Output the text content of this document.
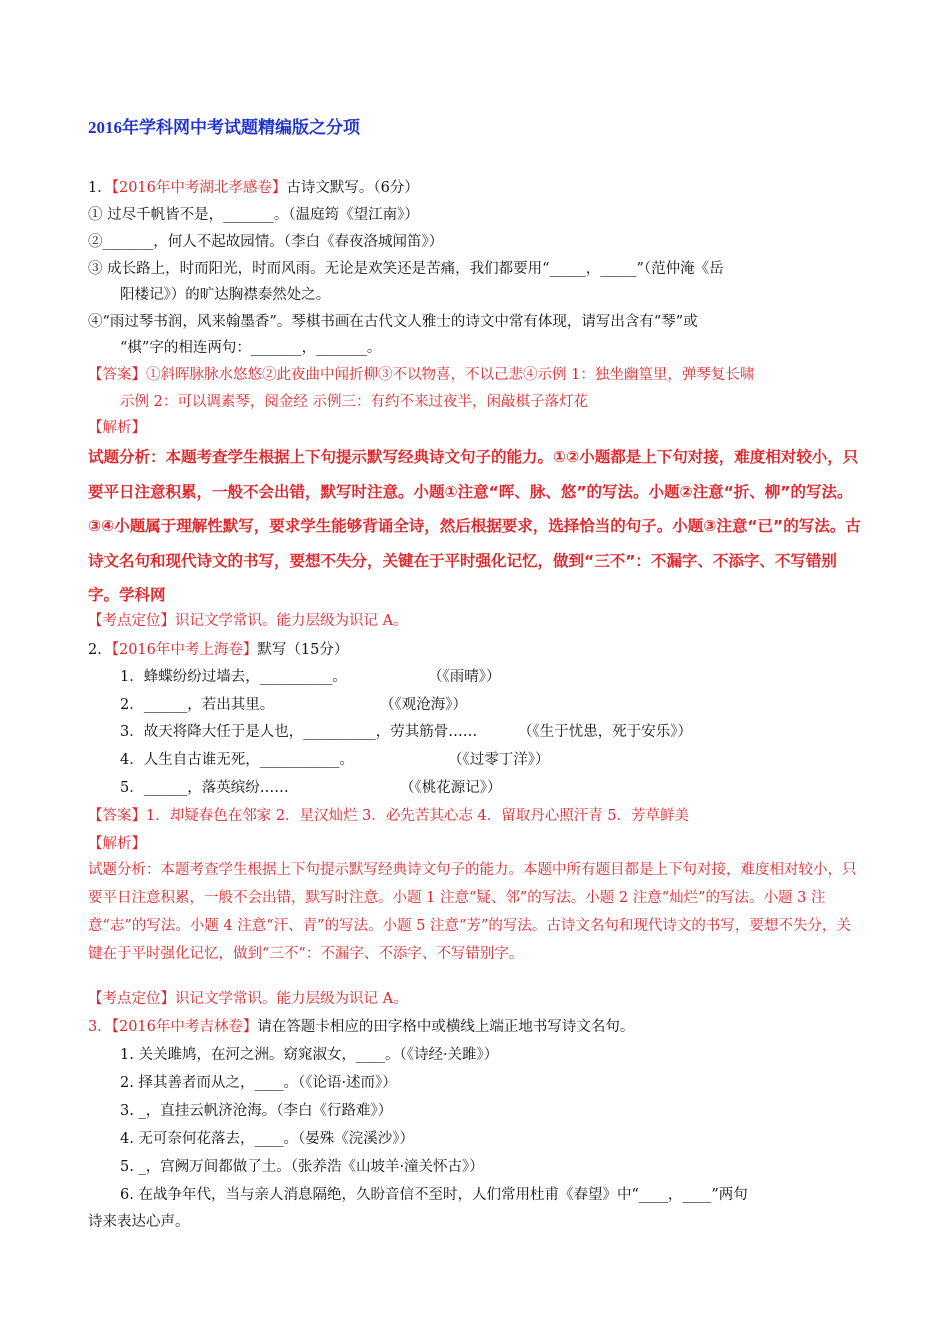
2016年学科网中考试题精编版之分项
1．【2016年中考湖北孝感卷】古诗文默写。（6分）
① 过尽千帆皆不是，_______。（温庭筠《望江南》）
②_______，何人不起故园情。（李白《春夜洛城闻笛》）
③ 成长路上，时而阳光，时而风雨。无论是欢笑还是苦痛，我们都要用“_____，_____”（范仲淹《岳
阳楼记》）的旷达胸襟泰然处之。
④“雨过琴书润，风来翰墨香”。琴棋书画在古代文人雅士的诗文中常有体现，请写出含有“琴”或
“棋”字的相连两句：_______，_______。
【答案】①斜晖脉脉水悠悠②此夜曲中闻折柳③不以物喜，不以己悲④示例 1：独坐幽篁里，弹琴复长啸
示例 2：可以调素琴，阅金经 示例三：有约不来过夜半，闲敲棋子落灯花
【解析】
试题分析：本题考查学生根据上下句提示默写经典诗文句子的能力。①②小题都是上下句对接，难度相对较小，只要平日注意积累，一般不会出错，默写时注意。小题①注意“晖、脉、悠”的写法。小题②注意“折、柳”的写法。③④小题属于理解性默写，要求学生能够背诵全诗，然后根据要求，选择恰当的句子。小题③注意“已”的写法。古诗文名句和现代诗文的书写，要想不失分，关键在于平时强化记忆，做到“三不”：不漏字、不添字、不写错别字。学科网
【考点定位】识记文学常识。能力层级为识记 A。
2．【2016年中考上海卷】默写（15分）
1．蜂蝶纷纷过墙去，__________。	（《雨晴》）
2．______，若出其里。	（《观沧海》）
3．故天将降大任于是人也，__________，劳其筋骨……	（《生于忧患，死于安乐》）
4．人生自古谁无死，___________。	（《过零丁洋》）
5．______，落英缤纷……	（《桃花源记》）
【答案】1．却疑春色在邻家 2．星汉灿烂 3．必先苦其心志 4．留取丹心照汗青 5．芳草鲜美
【解析】
试题分析：本题考查学生根据上下句提示默写经典诗文句子的能力。本题中所有题目都是上下句对接，难度相对较小，只要平日注意积累，一般不会出错，默写时注意。小题 1 注意“疑、邻”的写法。小题 2 注意“灿烂”的写法。小题 3 注意“志”的写法。小题 4 注意“汗、青”的写法。小题 5 注意“芳”的写法。古诗文名句和现代诗文的书写，要想不失分，关键在于平时强化记忆，做到“三不”：不漏字、不添字、不写错别字。
【考点定位】识记文学常识。能力层级为识记 A。
3．【2016年中考吉林卷】请在答题卡相应的田字格中或横线上端正地书写诗文名句。
1. 关关雎鸠，在河之洲。窈窕淑女，____。（《诗经·关雎》）
2. 择其善者而从之，____。（《论语·述而》）
3. _，直挂云帆济沧海。（李白《行路难》）
4. 无可奈何花落去，____。（晏殊《浣溪沙》）
5. _，宫阙万间都做了土。（张养浩《山坡羊·潼关怀古》）
6. 在战争年代，当与亲人消息隔绝，久盼音信不至时，人们常用杜甫《春望》中“____，____”两句
诗来表达心声。
